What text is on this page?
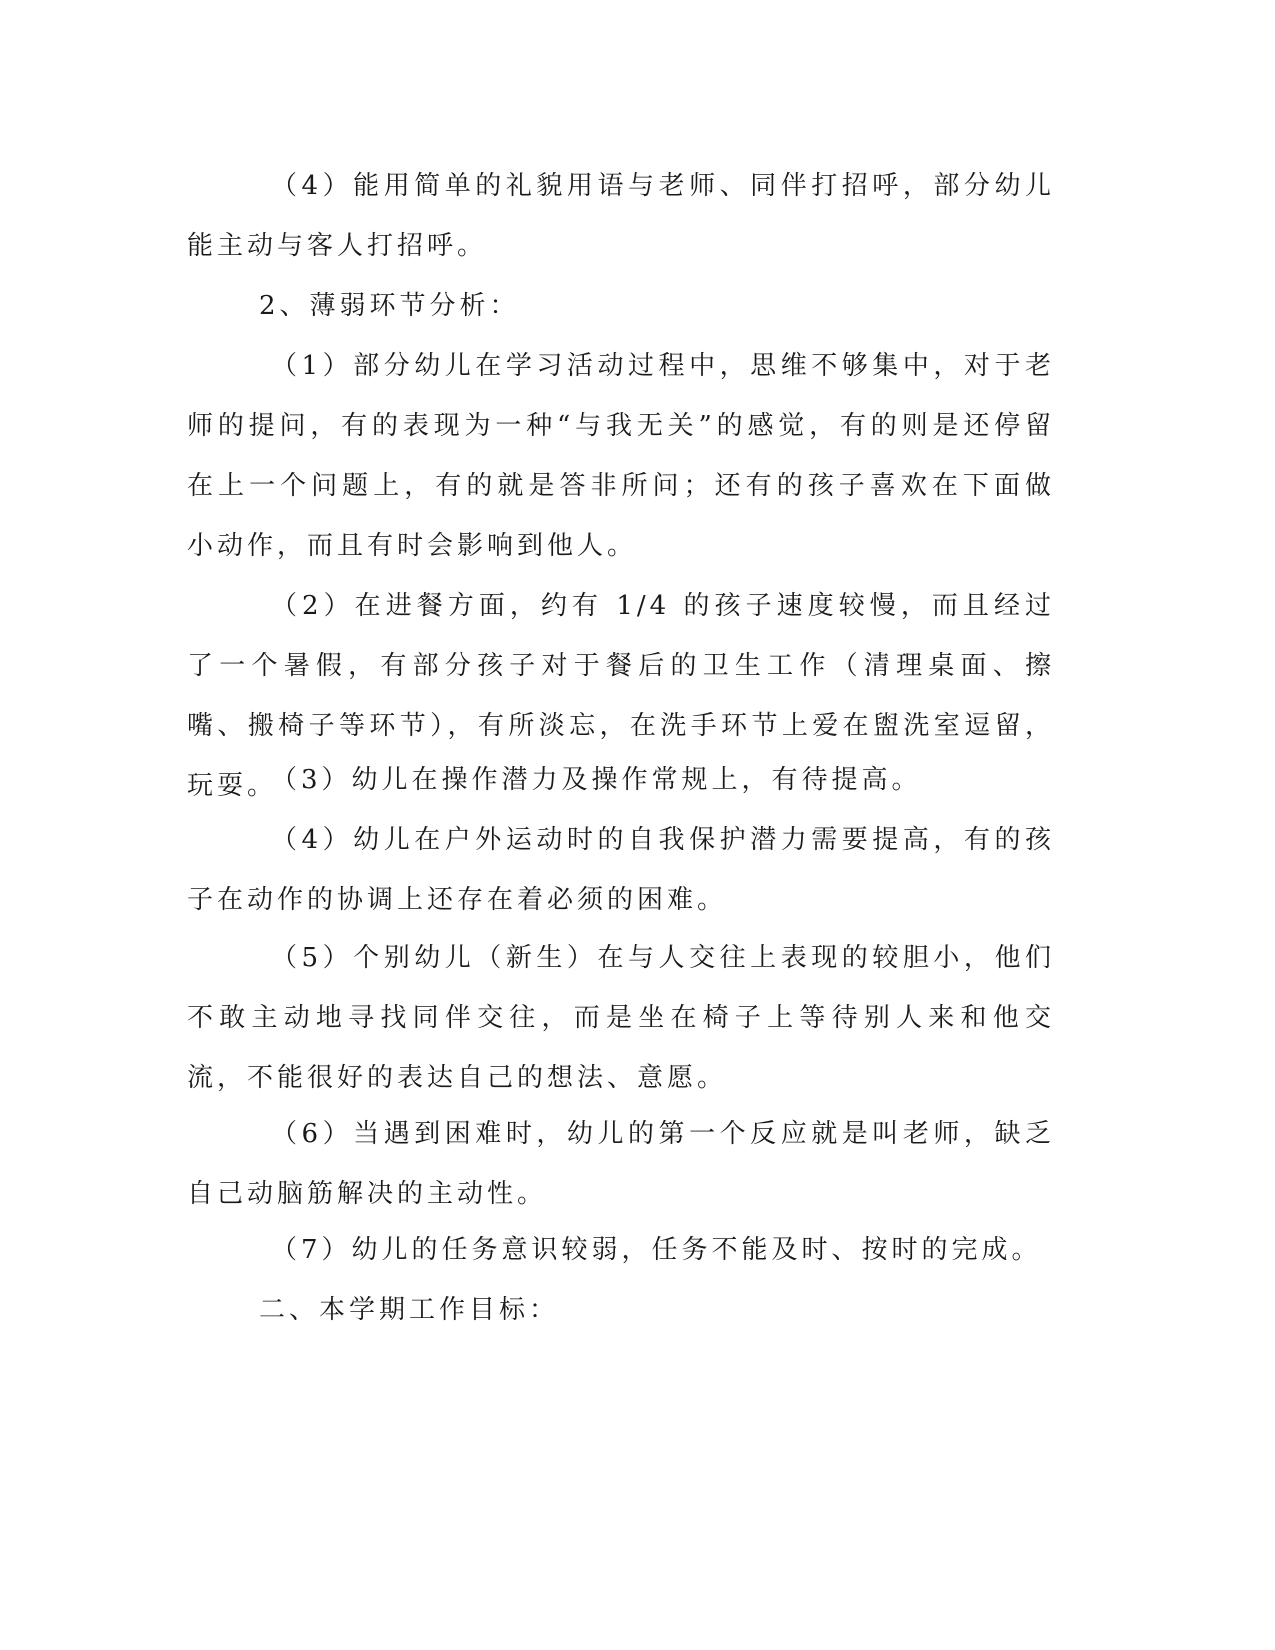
（4）能用简单的礼貌用语与老师、同伴打招呼，部分幼儿能主动与客人打招呼。

2、薄弱环节分析：

（1）部分幼儿在学习活动过程中，思维不够集中，对于老师的提问，有的表现为一种“与我无关”的感觉，有的则是还停留在上一个问题上，有的就是答非所问；还有的孩子喜欢在下面做小动作，而且有时会影响到他人。

（2）在进餐方面，约有 1/4 的孩子速度较慢，而且经过了一个暑假，有部分孩子对于餐后的卫生工作（清理桌面、擦嘴、搬椅子等环节），有所淡忘，在洗手环节上爱在盥洗室逗留，玩耍。

（3）幼儿在操作潜力及操作常规上，有待提高。

（4）幼儿在户外运动时的自我保护潜力需要提高，有的孩子在动作的协调上还存在着必须的困难。

（5）个别幼儿（新生）在与人交往上表现的较胆小，他们不敢主动地寻找同伴交往，而是坐在椅子上等待别人来和他交流，不能很好的表达自己的想法、意愿。

（6）当遇到困难时，幼儿的第一个反应就是叫老师，缺乏自己动脑筋解决的主动性。

（7）幼儿的任务意识较弱，任务不能及时、按时的完成。

二、本学期工作目标：
